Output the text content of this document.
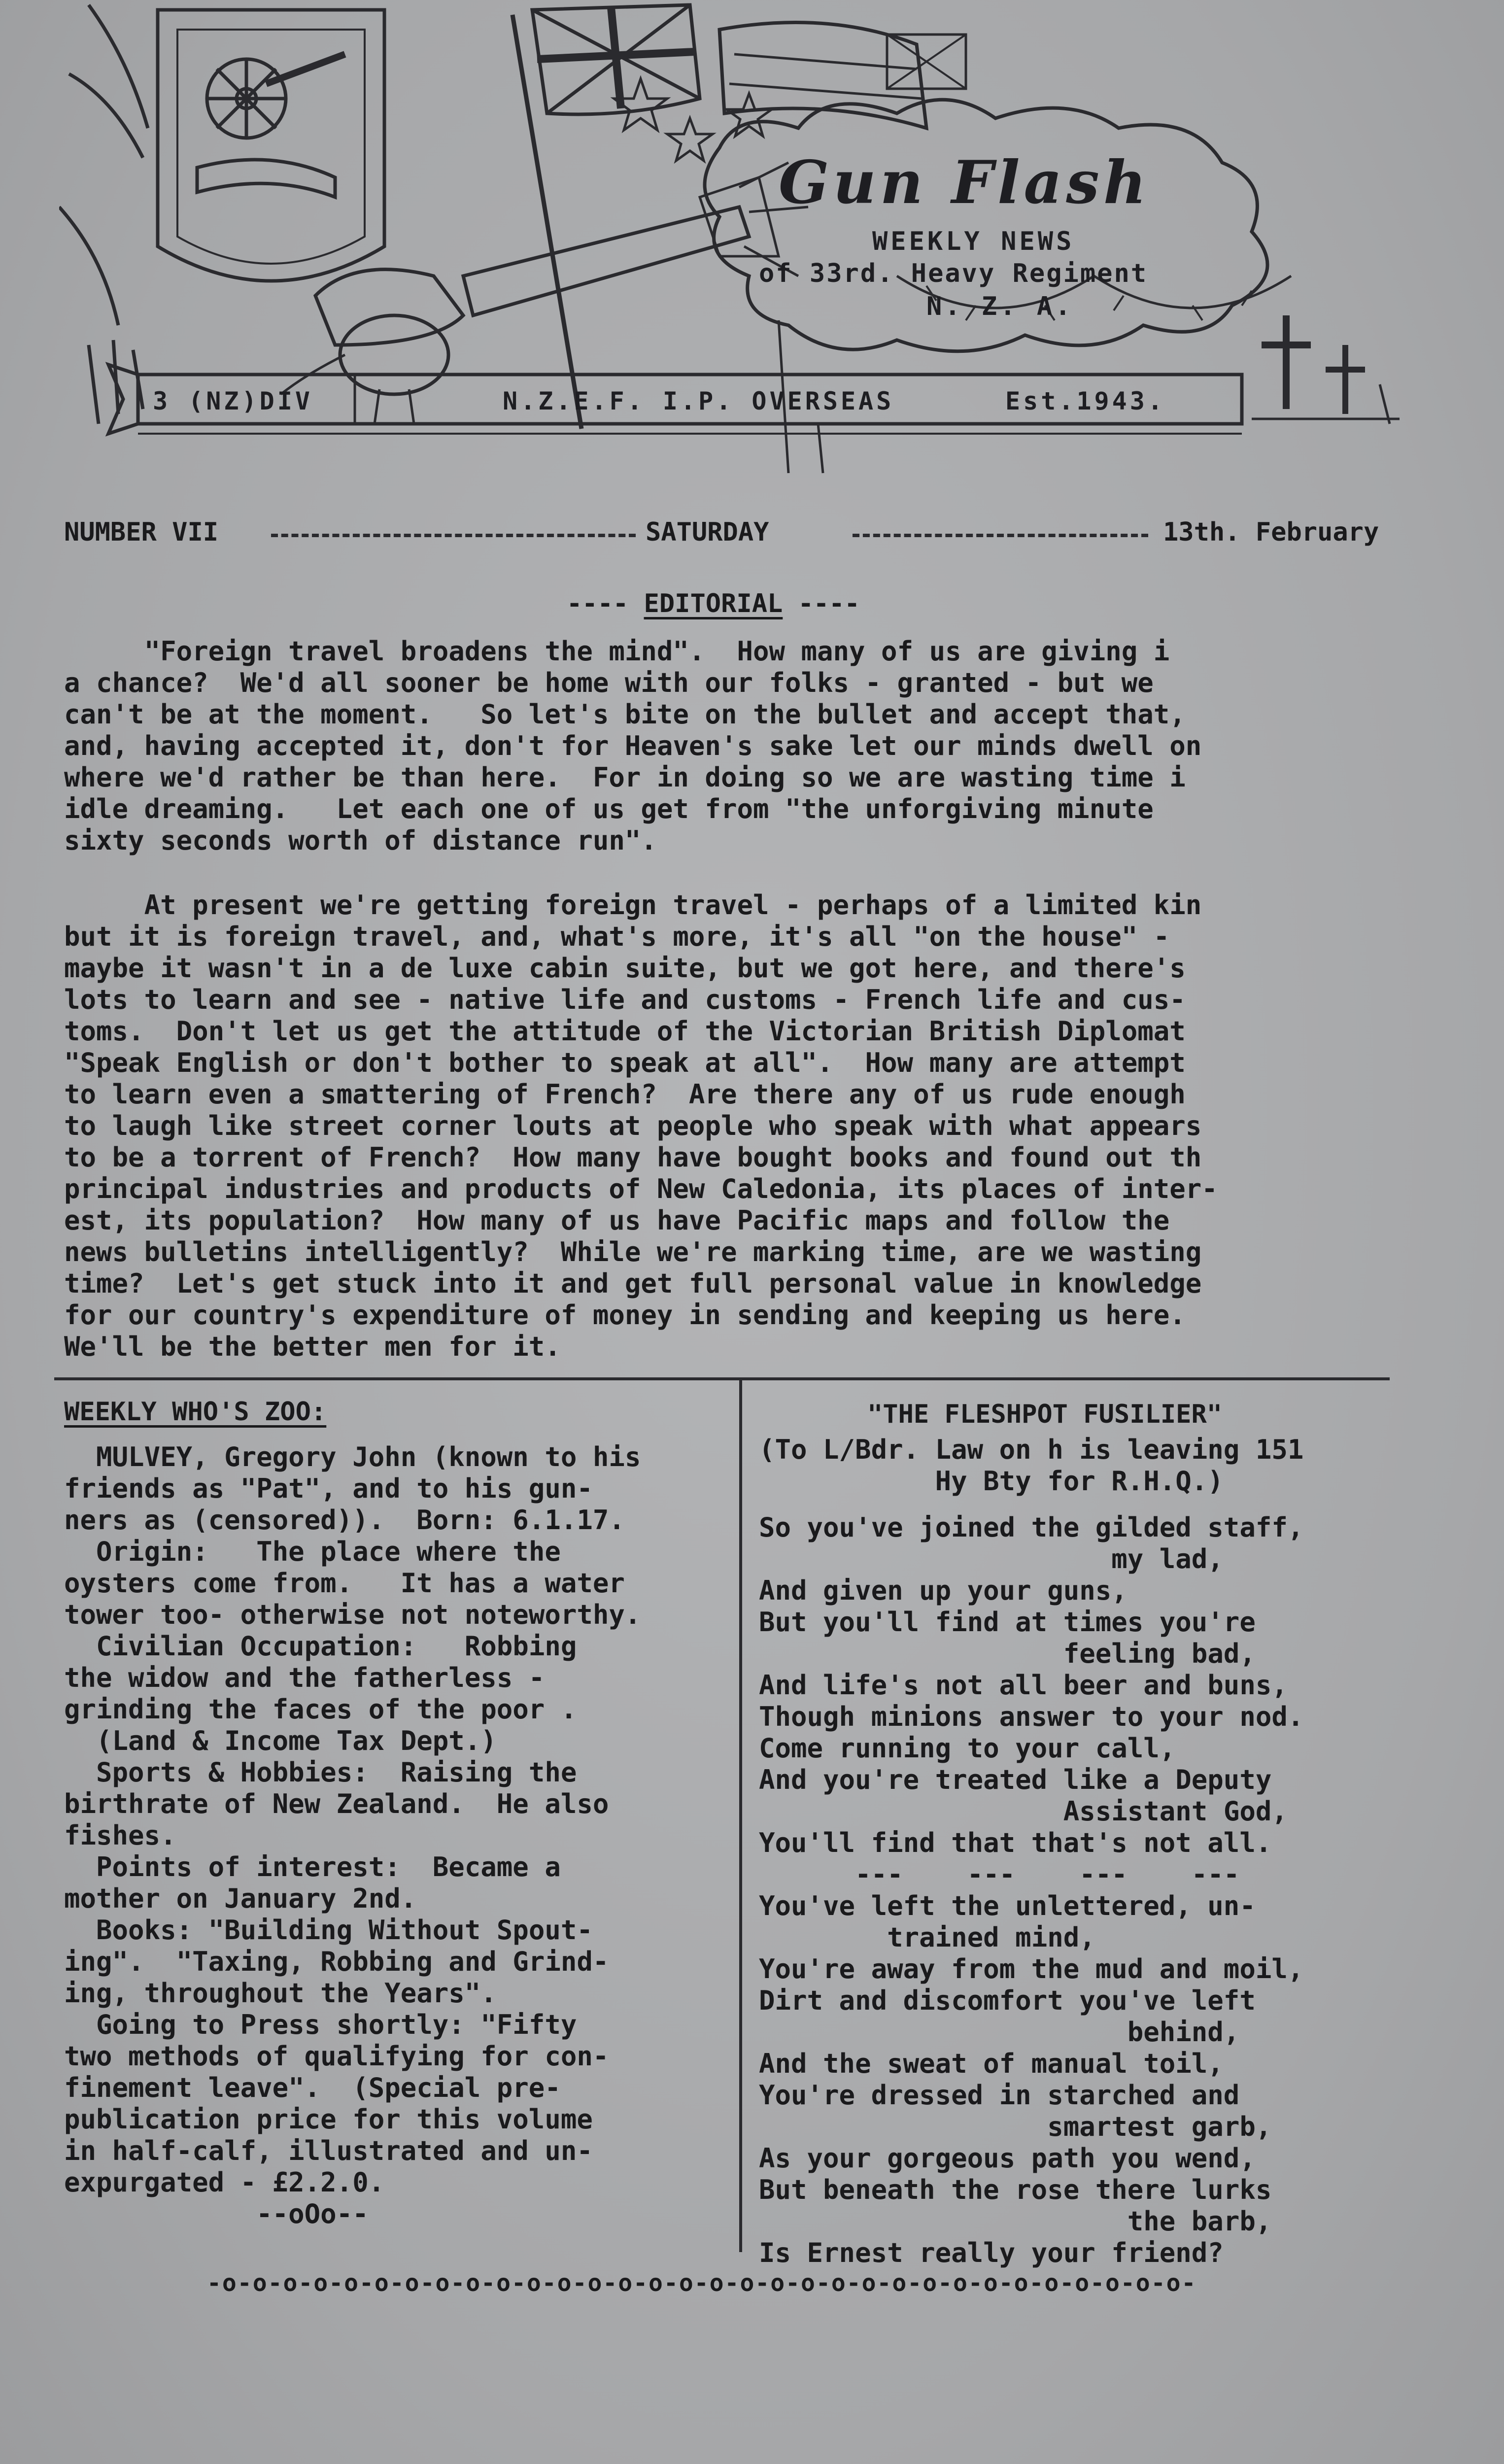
Gun Flash
WEEKLY NEWS
of 33rd. Heavy Regiment
N. Z. A.
3 (NZ)DIV	N.Z.E.F. I.P. OVERSEAS	Est.1943.
NUMBER VII	SATURDAY	13th. February
---- EDITORIAL ----

"Foreign travel broadens the mind".  How many of us are giving i
a chance?  We'd all sooner be home with our folks - granted - but we
can't be at the moment.   So let's bite on the bullet and accept that,
and, having accepted it, don't for Heaven's sake let our minds dwell on
where we'd rather be than here.  For in doing so we are wasting time i
idle dreaming.   Let each one of us get from "the unforgiving minute
sixty seconds worth of distance run".

At present we're getting foreign travel - perhaps of a limited kin
but it is foreign travel, and, what's more, it's all "on the house" -
maybe it wasn't in a de luxe cabin suite, but we got here, and there's
lots to learn and see - native life and customs - French life and cus-
toms.  Don't let us get the attitude of the Victorian British Diplomat
"Speak English or don't bother to speak at all".  How many are attempt
to learn even a smattering of French?  Are there any of us rude enough
to laugh like street corner louts at people who speak with what appears
to be a torrent of French?  How many have bought books and found out th
principal industries and products of New Caledonia, its places of inter-
est, its population?  How many of us have Pacific maps and follow the
news bulletins intelligently?  While we're marking time, are we wasting
time?  Let's get stuck into it and get full personal value in knowledge
for our country's expenditure of money in sending and keeping us here.
We'll be the better men for it.

WEEKLY WHO'S ZOO:

MULVEY, Gregory John (known to his
friends as "Pat", and to his gun-
ners as (censored)).  Born: 6.1.17.
Origin:   The place where the
oysters come from.   It has a water
tower too- otherwise not noteworthy.
Civilian Occupation:   Robbing
the widow and the fatherless -
grinding the faces of the poor .
(Land & Income Tax Dept.)
Sports & Hobbies:  Raising the
birthrate of New Zealand.  He also
fishes.
Points of interest:  Became a
mother on January 2nd.
Books: "Building Without Spout-
ing".  "Taxing, Robbing and Grind-
ing, throughout the Years".
Going to Press shortly: "Fifty
two methods of qualifying for con-
finement leave".  (Special pre-
publication price for this volume
in half-calf, illustrated and un-
expurgated - £2.2.0.
--oOo--

"THE FLESHPOT FUSILIER"

(To L/Bdr. Law on h is leaving 151
Hy Bty for R.H.Q.)

So you've joined the gilded staff,
my lad,
And given up your guns,
But you'll find at times you're
feeling bad,
And life's not all beer and buns,
Though minions answer to your nod.
Come running to your call,
And you're treated like a Deputy
Assistant God,
You'll find that that's not all.
---    ---    ---    ---
You've left the unlettered, un-
trained mind,
You're away from the mud and moil,
Dirt and discomfort you've left
behind,
And the sweat of manual toil,
You're dressed in starched and
smartest garb,
As your gorgeous path you wend,
But beneath the rose there lurks
the barb,
Is Ernest really your friend?

-o-o-o-o-o-o-o-o-o-o-o-o-o-o-o-o-o-o-o-o-o-o-o-o-o-o-o-o-o-o-o-o-
